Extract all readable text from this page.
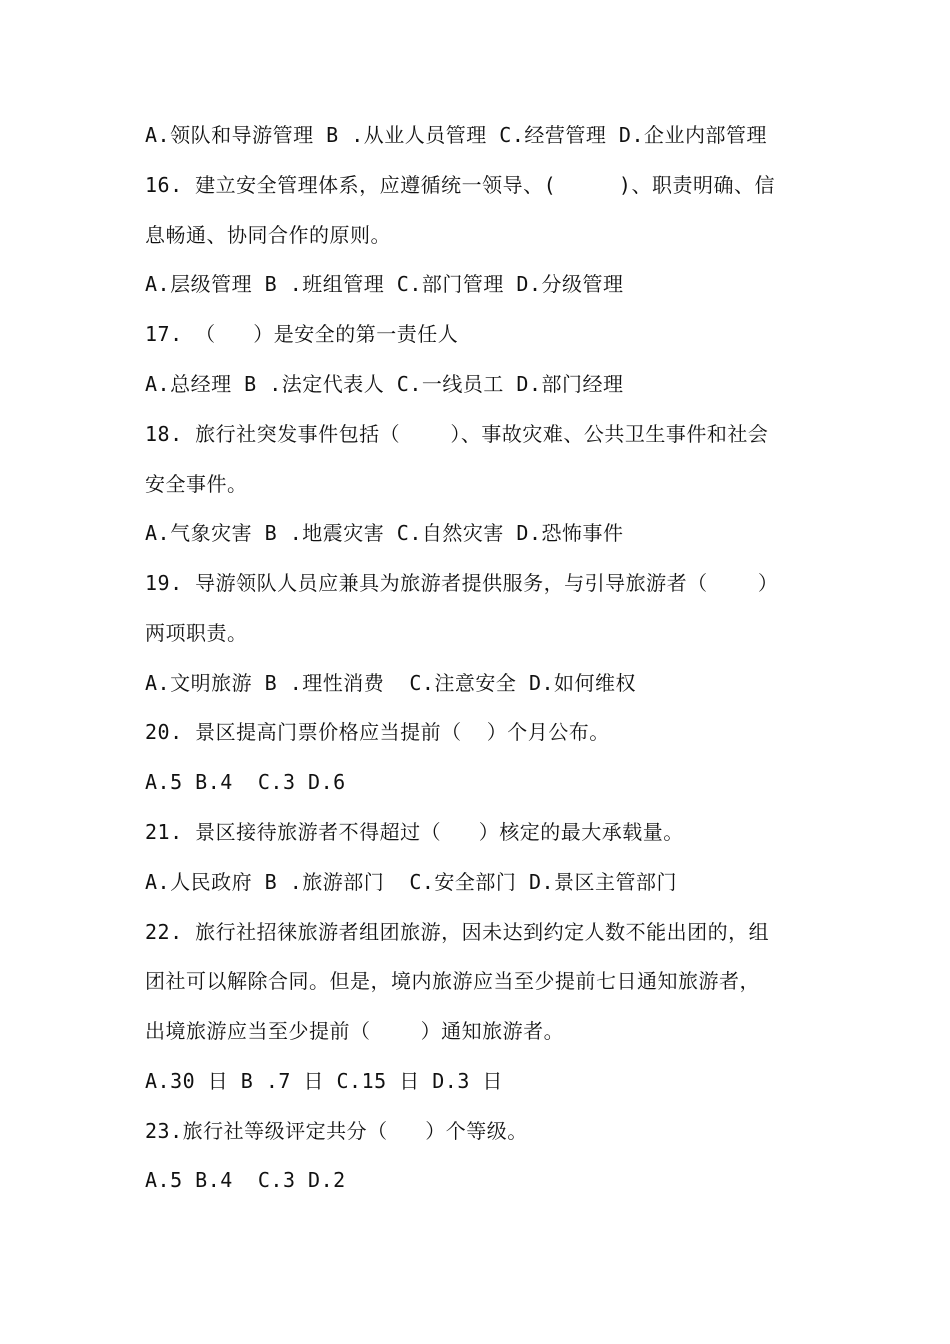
A.领队和导游管理 B .从业人员管理 C.经营管理 D.企业内部管理
16. 建立安全管理体系，应遵循统一领导、(     )、职责明确、信
息畅通、协同合作的原则。
A.层级管理 B .班组管理 C.部门管理 D.分级管理
17. （   ）是安全的第一责任人
A.总经理 B .法定代表人 C.一线员工 D.部门经理
18. 旅行社突发事件包括（    ）、事故灾难、公共卫生事件和社会
安全事件。
A.气象灾害 B .地震灾害 C.自然灾害 D.恐怖事件
19. 导游领队人员应兼具为旅游者提供服务，与引导旅游者（    ）
两项职责。
A.文明旅游 B .理性消费  C.注意安全 D.如何维权
20. 景区提高门票价格应当提前（  ）个月公布。
A.5 B.4  C.3 D.6
21. 景区接待旅游者不得超过（   ）核定的最大承载量。
A.人民政府 B .旅游部门  C.安全部门 D.景区主管部门
22. 旅行社招徕旅游者组团旅游，因未达到约定人数不能出团的，组
团社可以解除合同。但是，境内旅游应当至少提前七日通知旅游者，
出境旅游应当至少提前（    ）通知旅游者。
A.30 日 B .7 日 C.15 日 D.3 日
23.旅行社等级评定共分（   ）个等级。
A.5 B.4  C.3 D.2
